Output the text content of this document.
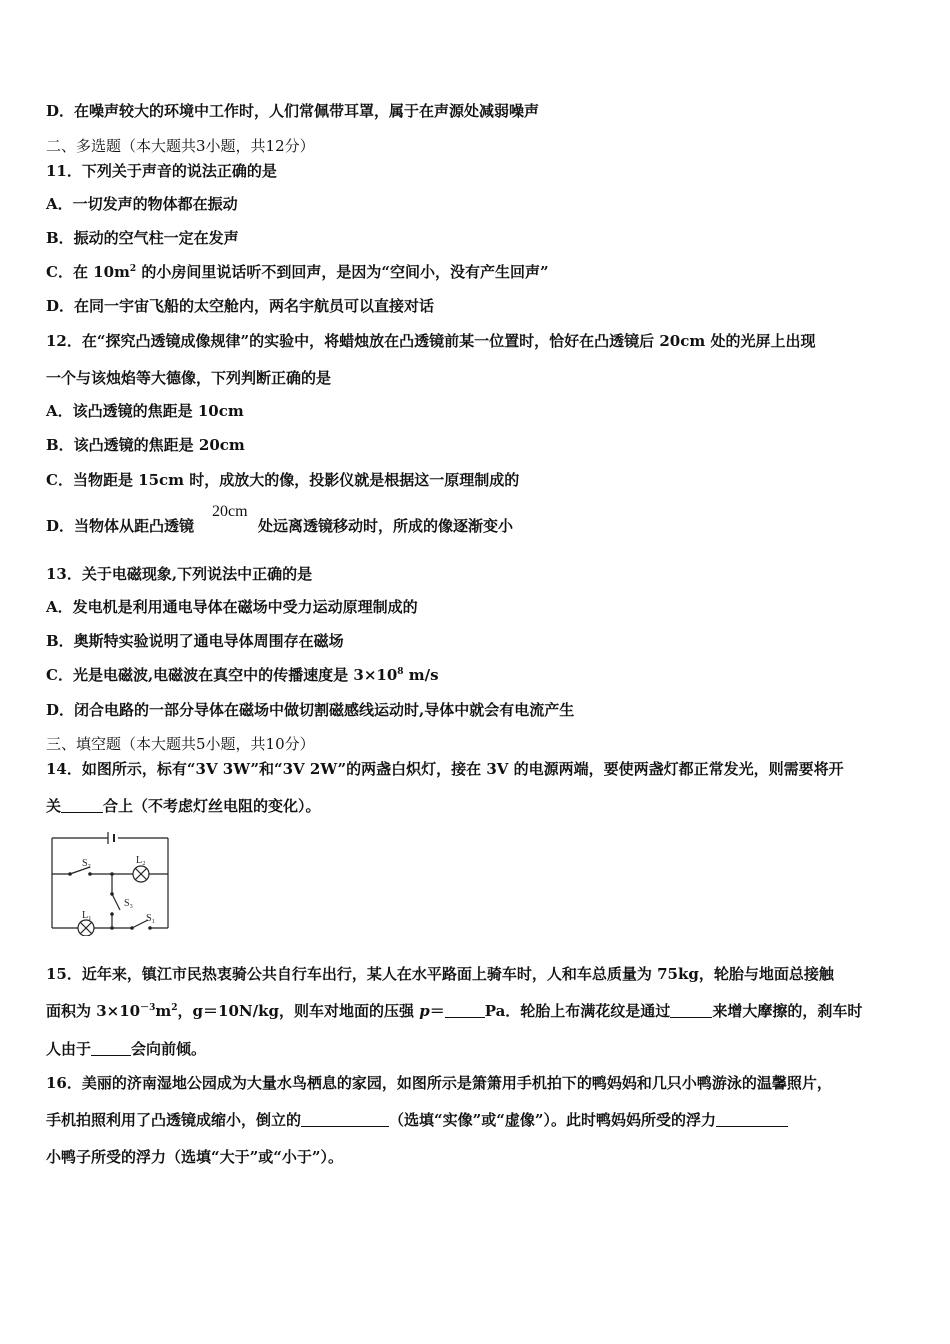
D．在噪声较大的环境中工作时，人们常佩带耳罩，属于在声源处减弱噪声
二、多选题（本大题共3小题，共12分）
11．下列关于声音的说法正确的是
A．一切发声的物体都在振动
B．振动的空气柱一定在发声
C．在 $10m^2$ 的小房间里说话听不到回声，是因为“空间小，没有产生回声”
D．在同一宇宙飞船的太空舱内，两名宇航员可以直接对话
12．在“探究凸透镜成像规律”的实验中，将蜡烛放在凸透镜前某一位置时，恰好在凸透镜后 20cm 处的光屏上出现
一个与该烛焰等大德像，下列判断正确的是
A．该凸透镜的焦距是 10cm
B．该凸透镜的焦距是 20cm
C．当物距是 15cm 时，成放大的像，投影仪就是根据这一原理制成的
D．当物体从距凸透镜
20cm
处远离透镜移动时，所成的像逐渐变小
13．关于电磁现象,下列说法中正确的是
A．发电机是利用通电导体在磁场中受力运动原理制成的
B．奥斯特实验说明了通电导体周围存在磁场
C．光是电磁波,电磁波在真空中的传播速度是 $3\times 10^8$ m/s
D．闭合电路的一部分导体在磁场中做切割磁感线运动时,导体中就会有电流产生
三、填空题（本大题共5小题，共10分）
14．如图所示，标有“3V 3W”和“3V 2W”的两盏白炽灯，接在 3V 的电源两端，要使两盏灯都正常发光，则需要将开
关	合上（不考虑灯丝电阻的变化）。
S₂	L₂
S₃
L₁	S₁
15．近年来，镇江市民热衷骑公共自行车出行，某人在水平路面上骑车时，人和车总质量为 75kg，轮胎与地面总接触
面积为 $3\times 10^{-3}m^2$，g＝10N/kg，则车对地面的压强 p＝	Pa．轮胎上布满花纹是通过	来增大摩擦的，刹车时
人由于	会向前倾。
16．美丽的济南湿地公园成为大量水鸟栖息的家园，如图所示是箫箫用手机拍下的鸭妈妈和几只小鸭游泳的温馨照片，
手机拍照利用了凸透镜成缩小，倒立的	（选填“实像”或“虚像”）。此时鸭妈妈所受的浮力
小鸭子所受的浮力（选填“大于”或“小于”）。
